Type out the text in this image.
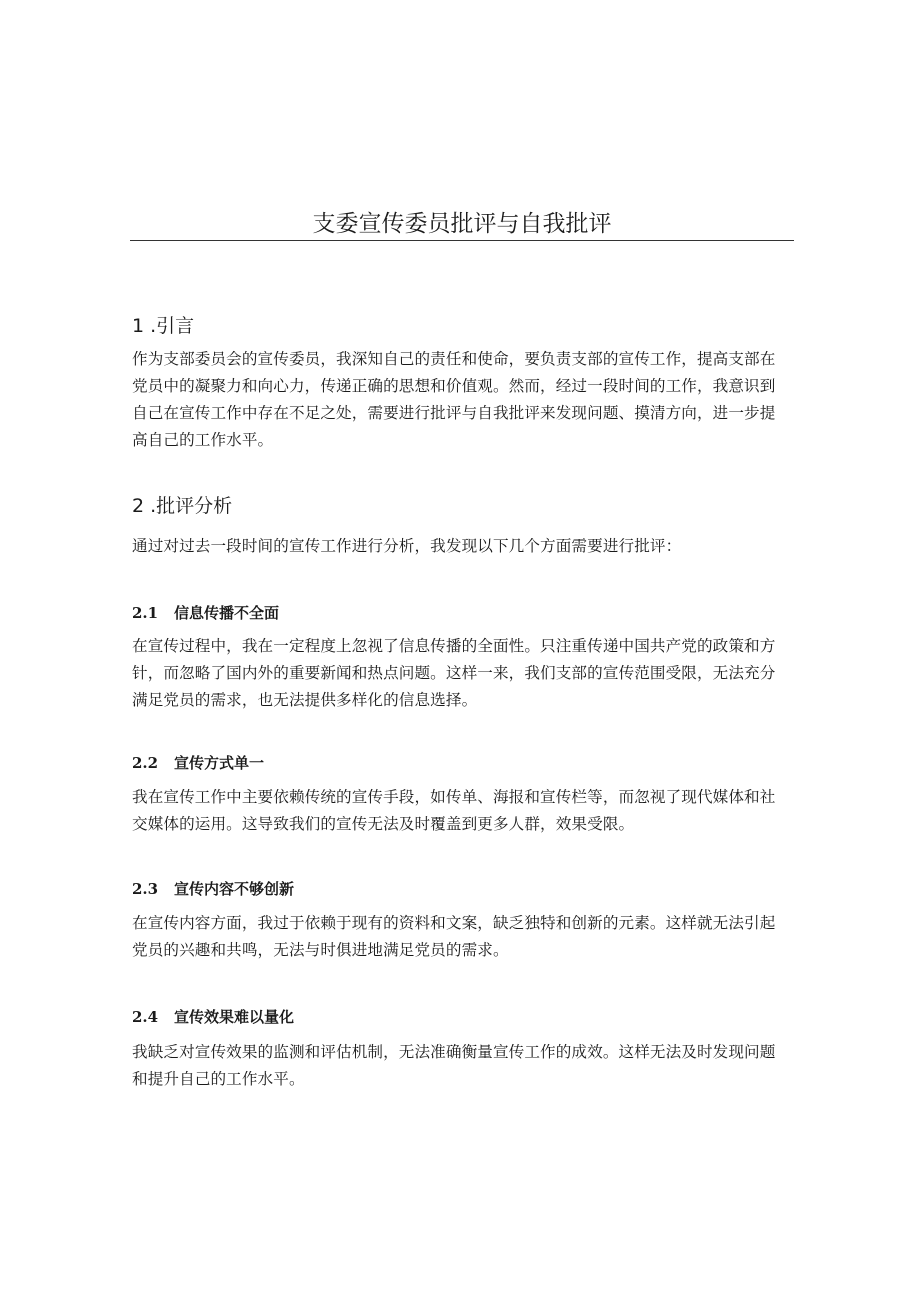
支委宣传委员批评与自我批评
1 .引言

作为支部委员会的宣传委员，我深知自己的责任和使命，要负责支部的宣传工作，提高支部在党员中的凝聚力和向心力，传递正确的思想和价值观。然而，经过一段时间的工作，我意识到自己在宣传工作中存在不足之处，需要进行批评与自我批评来发现问题、摸清方向，进一步提高自己的工作水平。

2 .批评分析

通过对过去一段时间的宣传工作进行分析，我发现以下几个方面需要进行批评：

2.1 信息传播不全面

在宣传过程中，我在一定程度上忽视了信息传播的全面性。只注重传递中国共产党的政策和方针，而忽略了国内外的重要新闻和热点问题。这样一来，我们支部的宣传范围受限，无法充分满足党员的需求，也无法提供多样化的信息选择。

2.2 宣传方式单一

我在宣传工作中主要依赖传统的宣传手段，如传单、海报和宣传栏等，而忽视了现代媒体和社交媒体的运用。这导致我们的宣传无法及时覆盖到更多人群，效果受限。

2.3 宣传内容不够创新

在宣传内容方面，我过于依赖于现有的资料和文案，缺乏独特和创新的元素。这样就无法引起党员的兴趣和共鸣，无法与时俱进地满足党员的需求。

2.4 宣传效果难以量化

我缺乏对宣传效果的监测和评估机制，无法准确衡量宣传工作的成效。这样无法及时发现问题和提升自己的工作水平。
